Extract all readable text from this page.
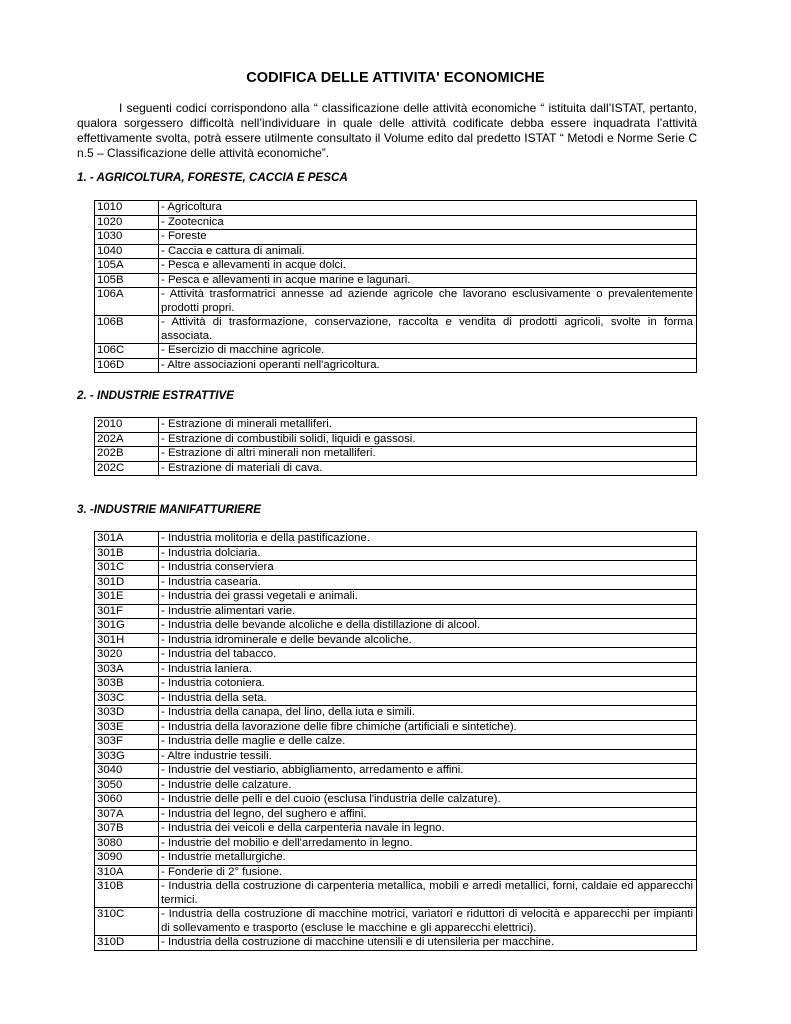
CODIFICA DELLE ATTIVITA' ECONOMICHE
I seguenti codici corrispondono alla “ classificazione delle attività economiche “ istituita dall’ISTAT, pertanto, qualora sorgessero difficoltà nell’individuare in quale delle attività codificate debba essere inquadrata l’attività effettivamente svolta, potrà essere utilmente consultato il Volume edito dal predetto ISTAT “ Metodi e Norme Serie C n.5 – Classificazione delle attività economiche”.
1. - AGRICOLTURA, FORESTE, CACCIA E PESCA
1010	- Agricoltura
1020	- Zootecnica
1030	- Foreste
1040	- Caccia e cattura di animali.
105A	- Pesca e allevamenti in acque dolci.
105B	- Pesca e allevamenti in acque marine e lagunari.
106A	- Attività trasformatrici annesse ad aziende agricole che lavorano esclusivamente o prevalentemente prodotti propri.
106B	- Attività di trasformazione, conservazione, raccolta e vendita di prodotti agricoli, svolte in forma associata.
106C	- Esercizio di macchine agricole.
106D	- Altre associazioni operanti nell'agricoltura.
2. - INDUSTRIE ESTRATTIVE
2010	- Estrazione di minerali metalliferi.
202A	- Estrazione di combustibili solidi, liquidi e gassosi.
202B	- Estrazione di altri minerali non metalliferi.
202C	- Estrazione di materiali di cava.
3. -INDUSTRIE MANIFATTURIERE
301A	- Industria molitoria e della pastificazione.
301B	- Industria dolciaria.
301C	- Industria conserviera
301D	- Industria casearia.
301E	- Industria dei grassi vegetali e animali.
301F	- Industrie alimentari varie.
301G	- Industria delle bevande alcoliche e della distillazione di alcool.
301H	- Industria idrominerale e delle bevande alcoliche.
3020	- Industria del tabacco.
303A	- Industria laniera.
303B	- Industria cotoniera.
303C	- Industria della seta.
303D	- Industria della canapa, del lino, della iuta e simili.
303E	- Industria della lavorazione delle fibre chimiche (artificiali e sintetiche).
303F	- Industria delle maglie e delle calze.
303G	- Altre industrie tessili.
3040	- Industrie del vestiario, abbigliamento, arredamento e affini.
3050	- Industrie delle calzature.
3060	- Industrie delle pelli e del cuoio (esclusa l'industria delle calzature).
307A	- Industria del legno, del sughero e affini.
307B	- Industria dei veicoli e della carpenteria navale in legno.
3080	- Industrie del mobilio e dell'arredamento in legno.
3090	- Industrie metallurgiche.
310A	- Fonderie di 2° fusione.
310B	- Industria della costruzione di carpenteria metallica, mobili e arredi metallici, forni, caldaie ed apparecchi termici.
310C	- Industria della costruzione di macchine motrici, variatori e riduttori di velocità e apparecchi per impianti di sollevamento e trasporto (escluse le macchine e gli apparecchi elettrici).
310D	- Industria della costruzione di macchine utensili e di utensileria per macchine.
